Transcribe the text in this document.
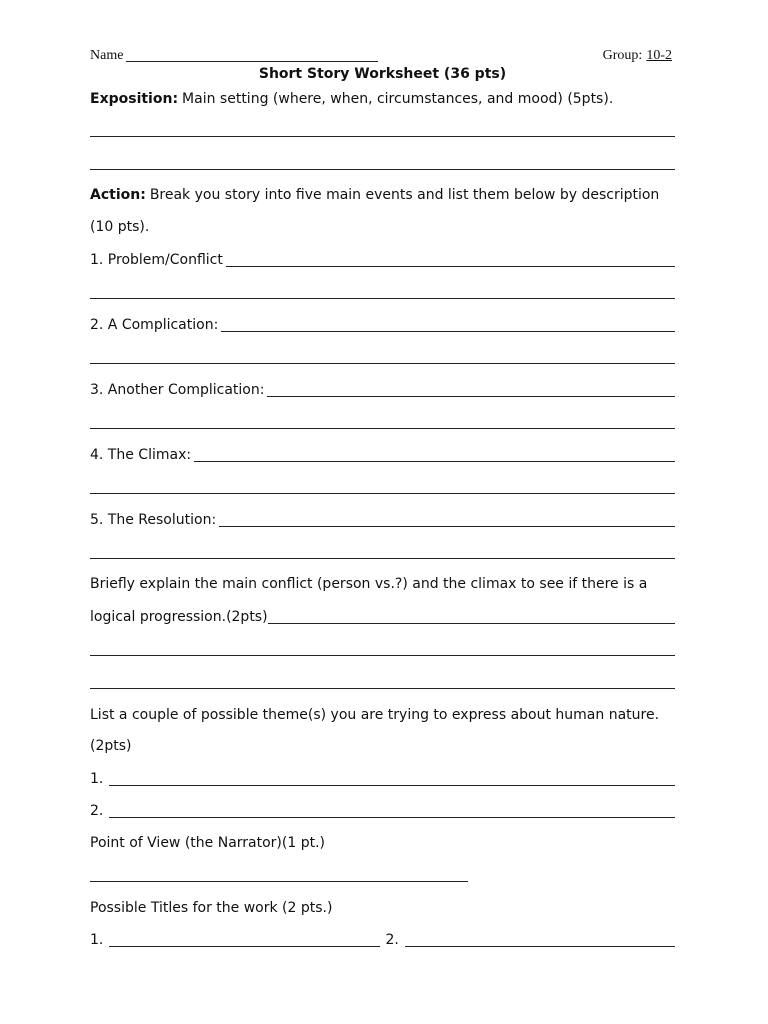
Name	Group: 10-2
Short Story Worksheet (36 pts)
Exposition: Main setting (where, when, circumstances, and mood) (5pts).
Action: Break you story into five main events and list them below by description
(10 pts).
1. Problem/Conflict
2. A Complication:
3. Another Complication:
4. The Climax:
5. The Resolution:
Briefly explain the main conflict (person vs.?) and the climax to see if there is a
logical progression.(2pts)
List a couple of possible theme(s) you are trying to express about human nature.
(2pts)
1.
2.
Point of View (the Narrator)(1 pt.)
Possible Titles for the work (2 pts.)
1.	2.
